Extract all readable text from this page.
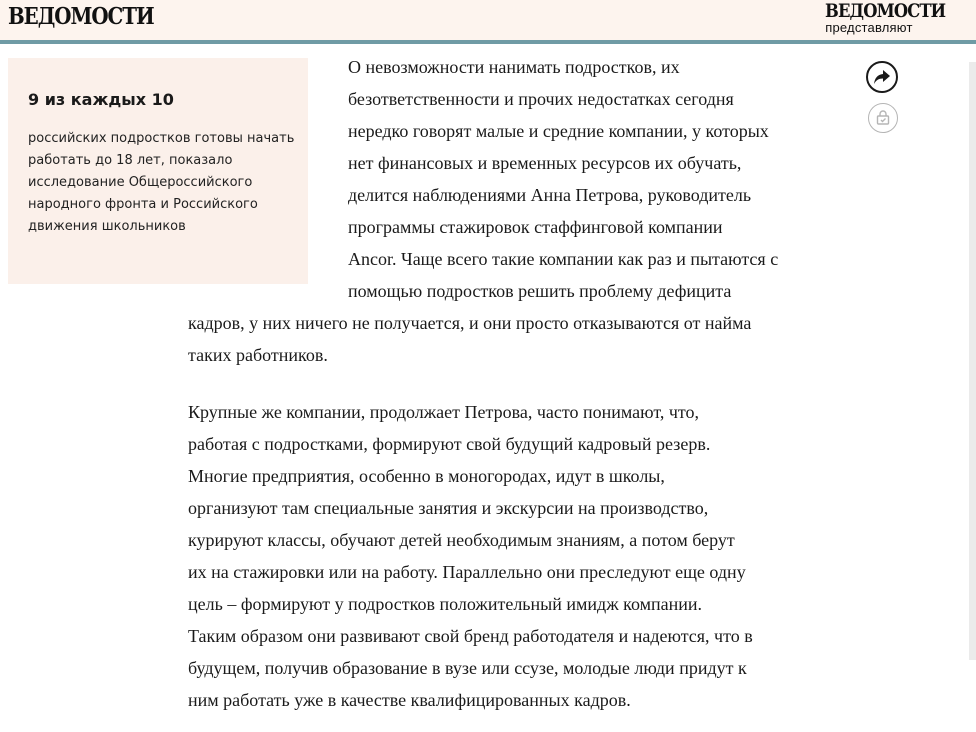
ВЕДОМОСТИ	ВЕДОМОСТИ
представляют
9 из каждых 10
российских подростков готовы начать
работать до 18 лет, показало
исследование Общероссийского
народного фронта и Российского
движения школьников
О невозможности нанимать подростков, их
безответственности и прочих недостатках сегодня
нередко говорят малые и средние компании, у которых
нет финансовых и временных ресурсов их обучать,
делится наблюдениями Анна Петрова, руководитель
программы стажировок стаффинговой компании
Ancor. Чаще всего такие компании как раз и пытаются с
помощью подростков решить проблему дефицита
кадров, у них ничего не получается, и они просто отказываются от найма
таких работников.
Крупные же компании, продолжает Петрова, часто понимают, что,
работая с подростками, формируют свой будущий кадровый резерв.
Многие предприятия, особенно в моногородах, идут в школы,
организуют там специальные занятия и экскурсии на производство,
курируют классы, обучают детей необходимым знаниям, а потом берут
их на стажировки или на работу. Параллельно они преследуют еще одну
цель – формируют у подростков положительный имидж компании.
Таким образом они развивают свой бренд работодателя и надеются, что в
будущем, получив образование в вузе или ссузе, молодые люди придут к
ним работать уже в качестве квалифицированных кадров.
